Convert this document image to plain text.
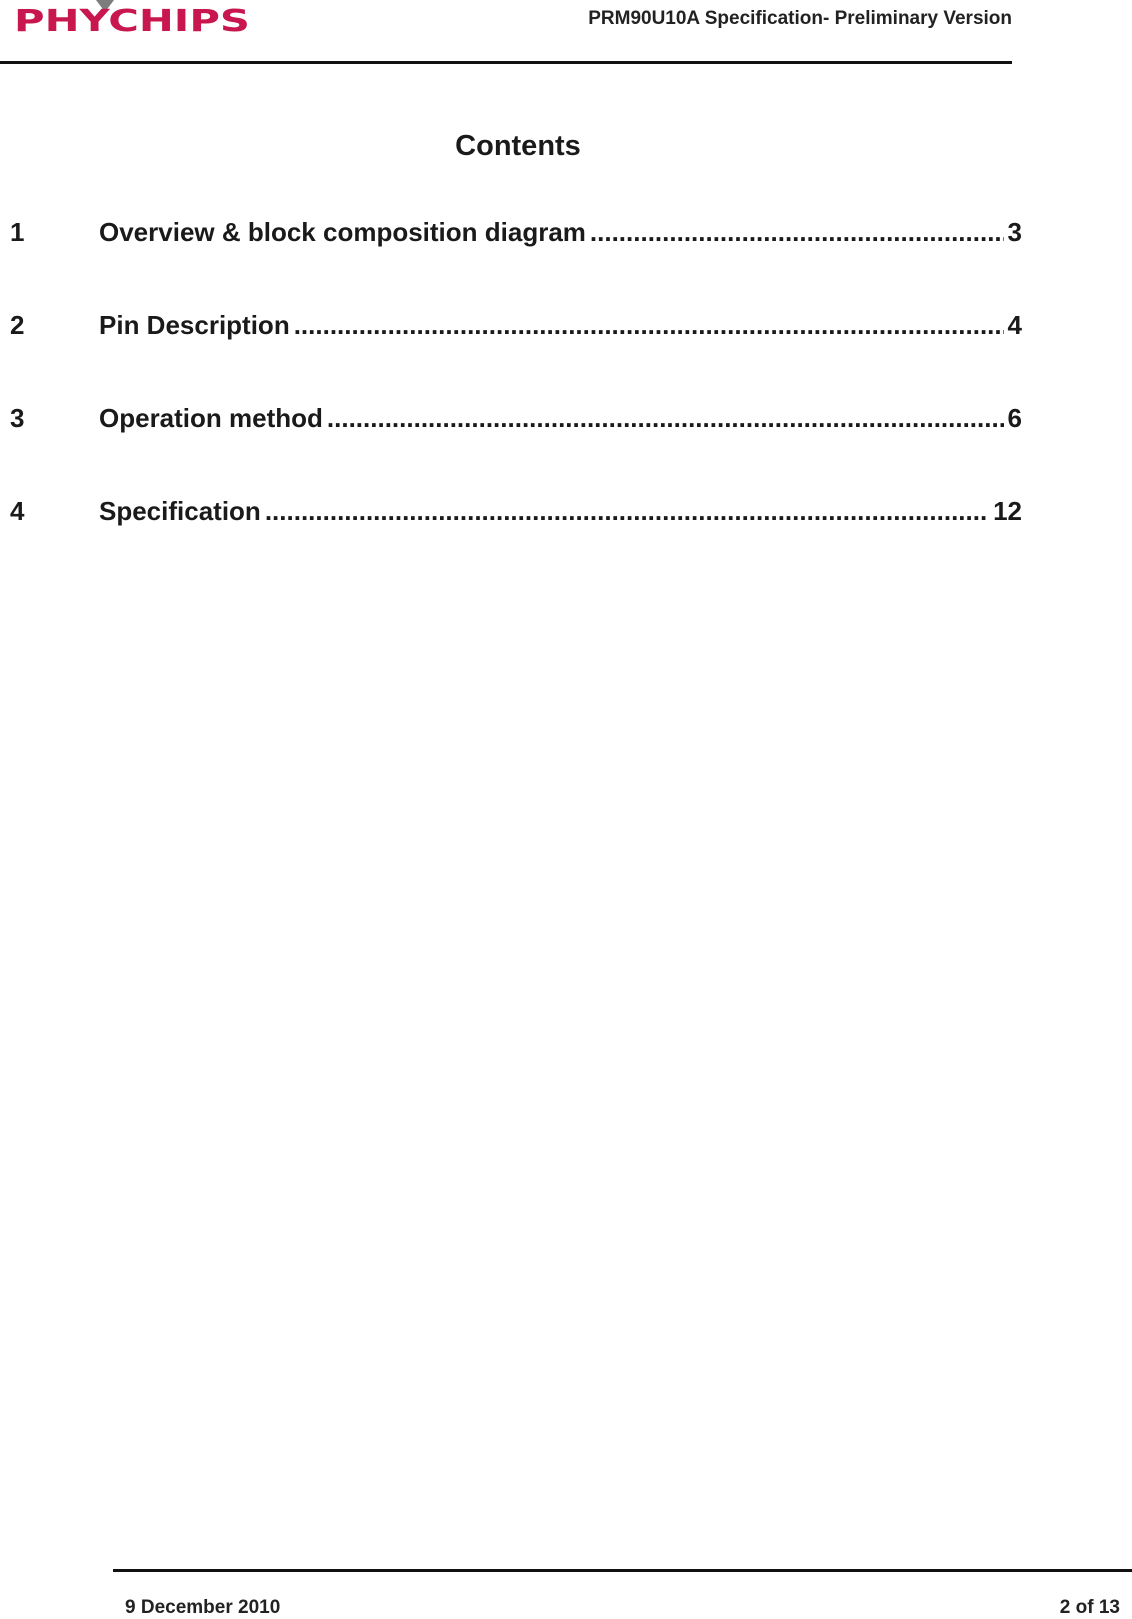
PHYCHIPS	PRM90U10A Specification- Preliminary Version
Contents
1	Overview & block composition diagram .....	3
2	Pin Description .....	4
3	Operation method .....	6
4	Specification .....	12
9 December 2010	2 of 13
